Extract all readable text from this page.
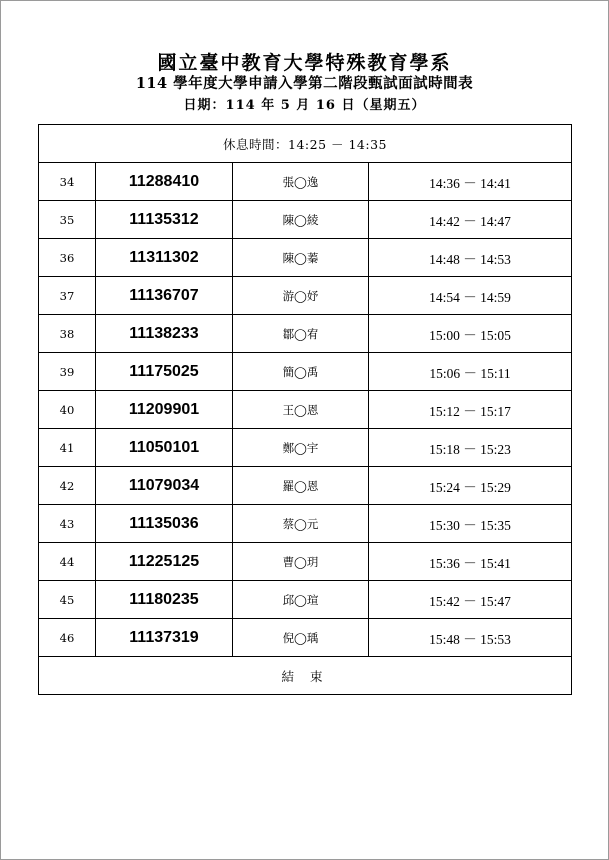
國立臺中教育大學特殊教育學系
114 學年度大學申請入學第二階段甄試面試時間表
日期：114 年 5 月 16 日（星期五）
休息時間：14:25 － 14:35			
34	11288410	張◯逸	14:36 － 14:41
35	11135312	陳◯綾	14:42 － 14:47
36	11311302	陳◯蓁	14:48 － 14:53
37	11136707	游◯妤	14:54 － 14:59
38	11138233	鄒◯宥	15:00 － 15:05
39	11175025	簡◯禹	15:06 － 15:11
40	11209901	王◯恩	15:12 － 15:17
41	11050101	鄭◯宇	15:18 － 15:23
42	11079034	羅◯恩	15:24 － 15:29
43	11135036	蔡◯元	15:30 － 15:35
44	11225125	曹◯玥	15:36 － 15:41
45	11180235	邱◯瑄	15:42 － 15:47
46	11137319	倪◯瑀	15:48 － 15:53
結 束			
